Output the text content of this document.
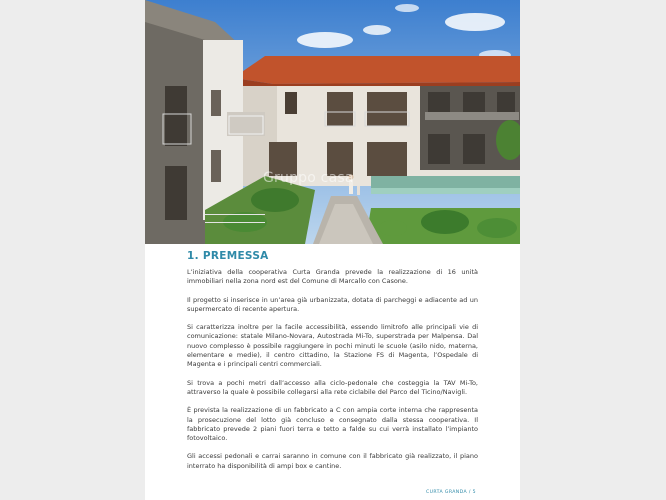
Gruppo casa
1. PREMESSA

L’iniziativa della cooperativa Curta Granda prevede la realizzazione di 16 unità immobiliari nella zona nord est del Comune di Marcallo con Casone.

Il progetto si inserisce in un’area già urbanizzata, dotata di parcheggi e adiacente ad un supermercato di recente apertura.

Si caratterizza inoltre per la facile accessibilità, essendo limitrofo alle principali vie di comunicazione: statale Milano-Novara, Autostrada Mi-To, superstrada per Malpensa. Dal nuovo complesso è possibile raggiungere in pochi minuti le scuole (asilo nido, materna, elementare e medie), il centro cittadino, la Stazione FS di Magenta, l’Ospedale di Magenta e i principali centri commerciali.

Si trova a pochi metri dall’accesso alla ciclo-pedonale che costeggia la TAV Mi-To, attraverso la quale è possibile collegarsi alla rete ciclabile del Parco del Ticino/Navigli.

È prevista la realizzazione di un fabbricato a C con ampia corte interna che rappresenta la prosecuzione del lotto già concluso e consegnato dalla stessa cooperativa. Il fabbricato prevede 2 piani fuori terra e tetto a falde su cui verrà installato l’impianto fotovoltaico.

Gli accessi pedonali e carrai saranno in comune con il fabbricato già realizzato, il piano interrato ha disponibilità di ampi box e cantine.

CURTA GRANDA / 5
